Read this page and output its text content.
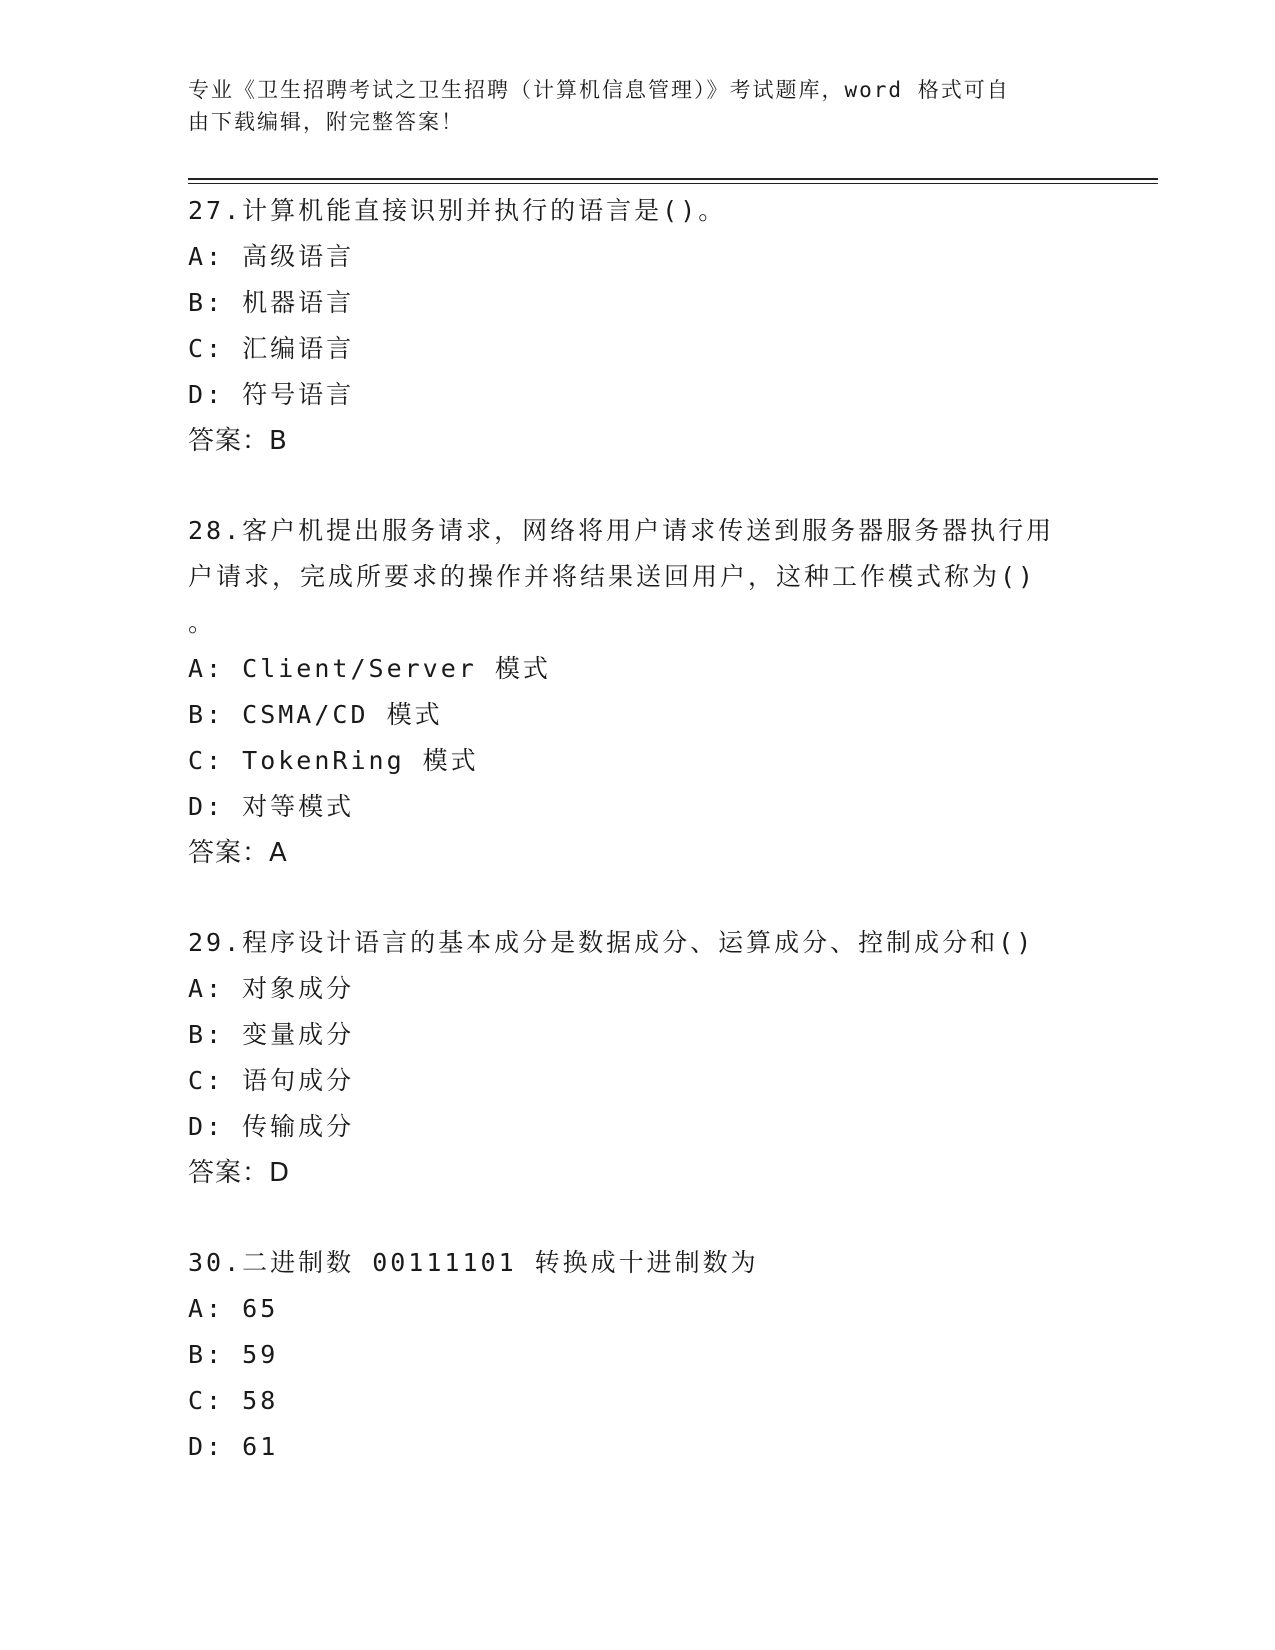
专业《卫生招聘考试之卫生招聘（计算机信息管理）》考试题库，word 格式可自
由下载编辑，附完整答案！
27.计算机能直接识别并执行的语言是()。
A: 高级语言
B: 机器语言
C: 汇编语言
D: 符号语言
答案：B
28.客户机提出服务请求，网络将用户请求传送到服务器服务器执行用
户请求，完成所要求的操作并将结果送回用户，这种工作模式称为()
。
A: Client/Server 模式
B: CSMA/CD 模式
C: TokenRing 模式
D: 对等模式
答案：A
29.程序设计语言的基本成分是数据成分、运算成分、控制成分和()
A: 对象成分
B: 变量成分
C: 语句成分
D: 传输成分
答案：D
30.二进制数 00111101 转换成十进制数为
A: 65
B: 59
C: 58
D: 61
